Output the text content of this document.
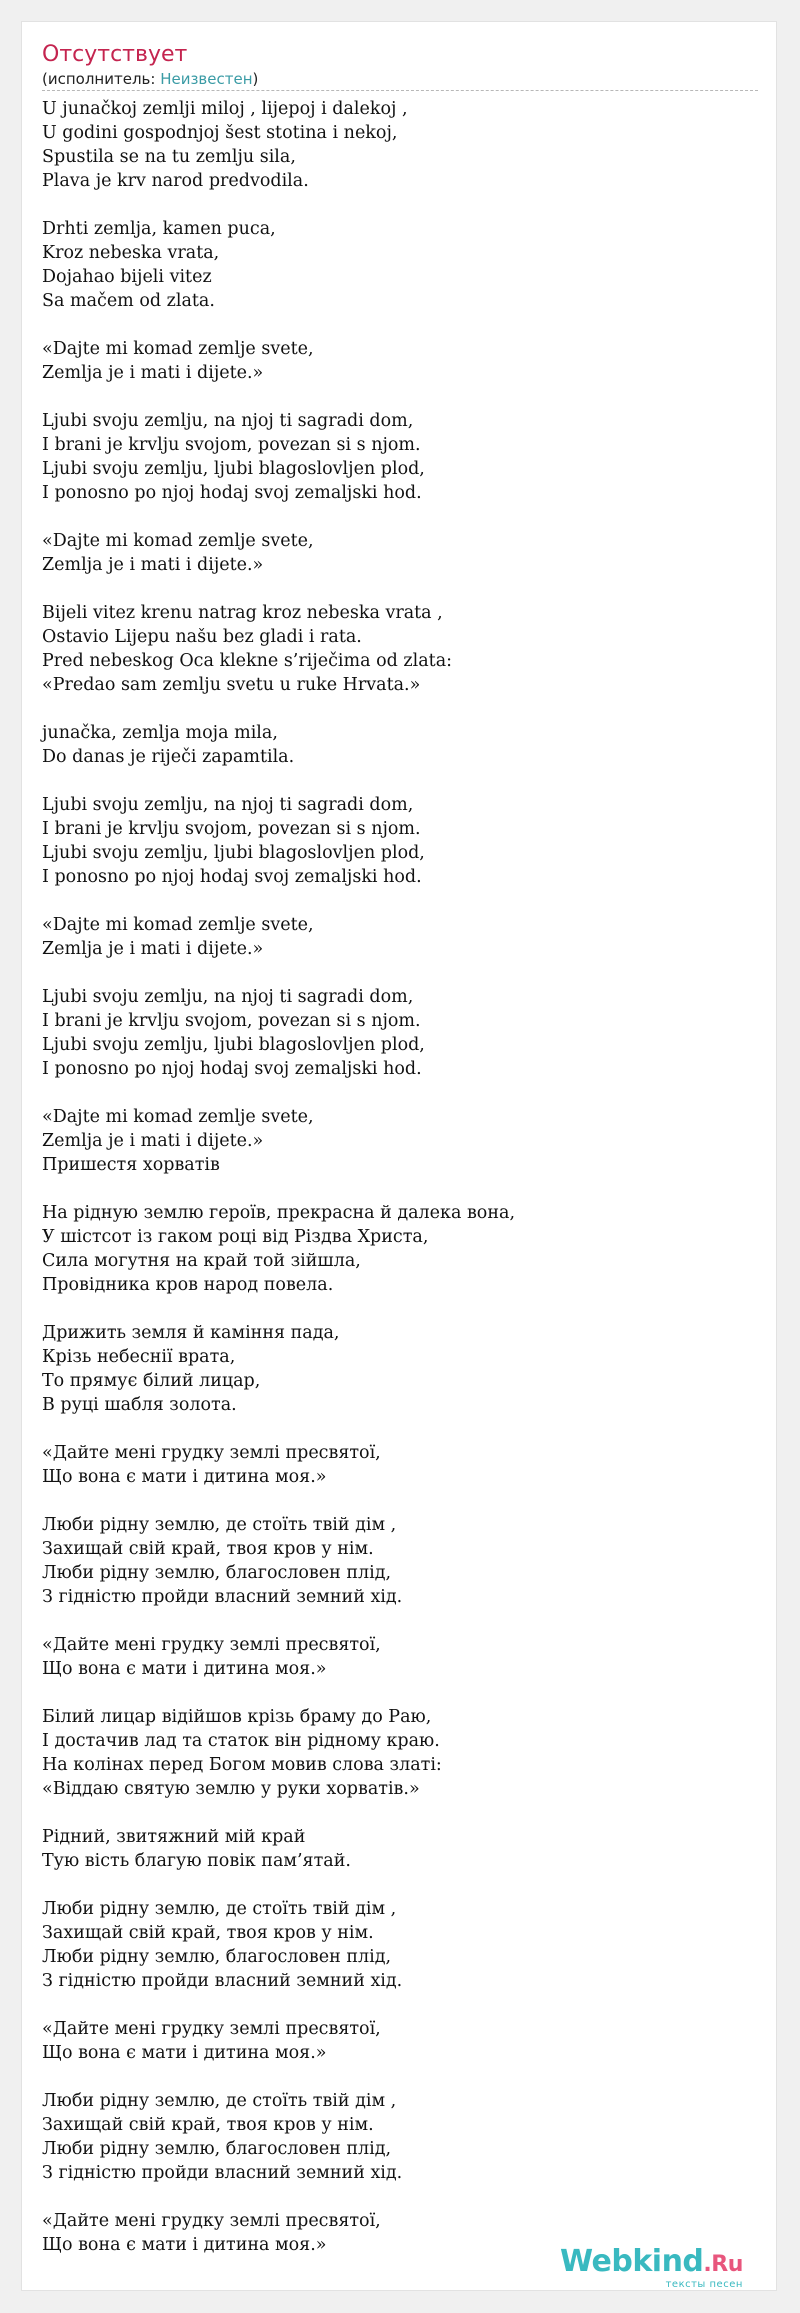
Отсутствует
(исполнитель: Неизвестен)
U junačkoj zemlji miloj , lijepoj i dalekoj ,
U godini gospodnjoj šest stotina i nekoj,
Spustila se na tu zemlju sila,
Plava je krv narod predvodila.
Drhti zemlja, kamen puca,
Kroz nebeska vrata,
Dojahao bijeli vitez
Sa mačem od zlata.
«Dajte mi komad zemlje svete,
Zemlja je i mati i dijete.»
Ljubi svoju zemlju, na njoj ti sagradi dom,
I brani je krvlju svojom, povezan si s njom.
Ljubi svoju zemlju, ljubi blagoslovljen plod,
I ponosno po njoj hodaj svoj zemaljski hod.
«Dajte mi komad zemlje svete,
Zemlja je i mati i dijete.»
Bijeli vitez krenu natrag kroz nebeska vrata ,
Ostavio Lijepu našu bez gladi i rata.
Pred nebeskog Oca klekne s’riječima od zlata:
«Predao sam zemlju svetu u ruke Hrvata.»
junačka, zemlja moja mila,
Do danas je riječi zapamtila.
Ljubi svoju zemlju, na njoj ti sagradi dom,
I brani je krvlju svojom, povezan si s njom.
Ljubi svoju zemlju, ljubi blagoslovljen plod,
I ponosno po njoj hodaj svoj zemaljski hod.
«Dajte mi komad zemlje svete,
Zemlja je i mati i dijete.»
Ljubi svoju zemlju, na njoj ti sagradi dom,
I brani je krvlju svojom, povezan si s njom.
Ljubi svoju zemlju, ljubi blagoslovljen plod,
I ponosno po njoj hodaj svoj zemaljski hod.
«Dajte mi komad zemlje svete,
Zemlja je i mati i dijete.»
Пришестя хорватів
На рідную землю героїв, прекрасна й далека вона,
У шістсот із гаком році від Різдва Христа,
Сила могутня на край той зійшла,
Провідника кров народ повела.
Дрижить земля й каміння пада,
Крізь небеснії врата,
То прямує білий лицар,
В руці шабля золота.
«Дайте мені грудку землі пресвятої,
Що вона є мати і дитина моя.»
Люби рідну землю, де стоїть твій дім ,
Захищай свій край, твоя кров у нім.
Люби рідну землю, благословен плід,
З гідністю пройди власний земний хід.
«Дайте мені грудку землі пресвятої,
Що вона є мати і дитина моя.»
Білий лицар відійшов крізь браму до Раю,
І достачив лад та статок він рідному краю.
На колінах перед Богом мовив слова златі:
«Віддаю святую землю у руки хорватів.»
Рідний, звитяжний мій край
Тую вість благую повік пам’ятай.
Люби рідну землю, де стоїть твій дім ,
Захищай свій край, твоя кров у нім.
Люби рідну землю, благословен плід,
З гідністю пройди власний земний хід.
«Дайте мені грудку землі пресвятої,
Що вона є мати і дитина моя.»
Люби рідну землю, де стоїть твій дім ,
Захищай свій край, твоя кров у нім.
Люби рідну землю, благословен плід,
З гідністю пройди власний земний хід.
«Дайте мені грудку землі пресвятої,
Що вона є мати і дитина моя.»	Webkind.Ru
тексты песен
